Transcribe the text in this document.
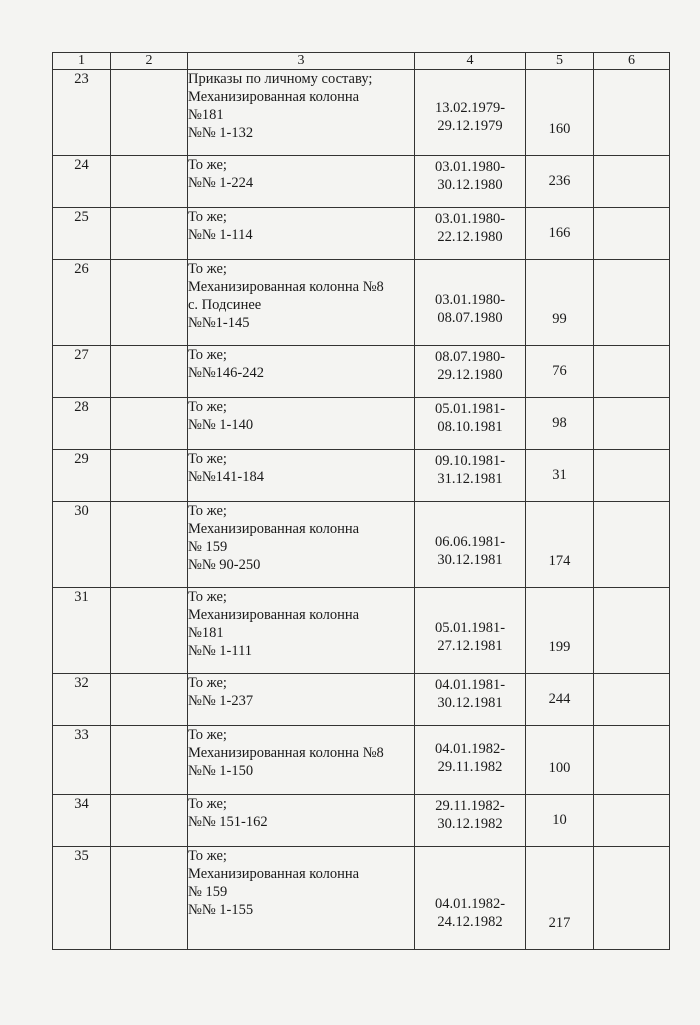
1	2	3	4	5	6
23		Приказы по личному составу;
Механизированная колонна
№181
№№ 1-132	13.02.1979-
29.12.1979	160	

24		То же;
№№ 1-224	03.01.1980-
30.12.1980	236	

25		То же;
№№ 1-114	03.01.1980-
22.12.1980	166	

26		То же;
Механизированная колонна №8
с. Подсинее
№№1-145	03.01.1980-
08.07.1980	99	

27		То же;
№№146-242	08.07.1980-
29.12.1980	76	

28		То же;
№№ 1-140	05.01.1981-
08.10.1981	98	

29		То же;
№№141-184	09.10.1981-
31.12.1981	31	

30		То же;
Механизированная колонна
№ 159
№№ 90-250	06.06.1981-
30.12.1981	174	

31		То же;
Механизированная колонна
№181
№№ 1-111	05.01.1981-
27.12.1981	199	

32		То же;
№№ 1-237	04.01.1981-
30.12.1981	244	

33		То же;
Механизированная колонна №8
№№ 1-150	04.01.1982-
29.11.1982	100	

34		То же;
№№ 151-162	29.11.1982-
30.12.1982	10	

35		То же;
Механизированная колонна
№ 159
№№ 1-155	04.01.1982-
24.12.1982	217	
